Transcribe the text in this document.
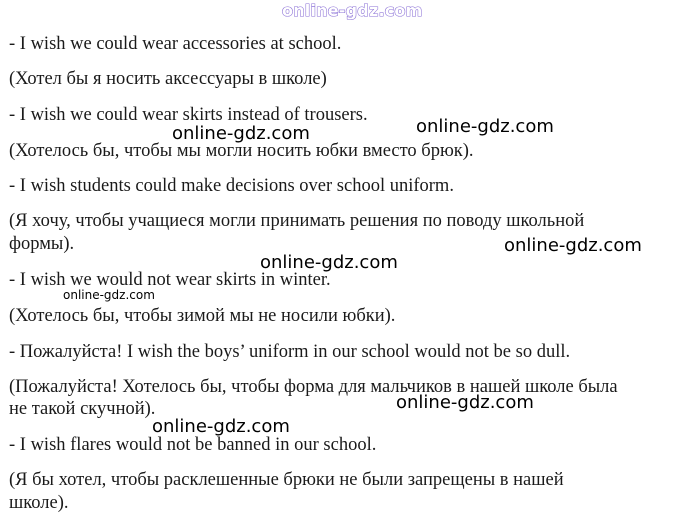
online-gdz.com

- I wish we could wear accessories at school.

(Хотел бы я носить аксессуары в школе)

- I wish we could wear skirts instead of trousers.

(Хотелось бы, чтобы мы могли носить юбки вместо брюк).

- I wish students could make decisions over school uniform.

(Я хочу, чтобы учащиеся могли принимать решения по поводу школьной

формы).

- I wish we would not wear skirts in winter.

(Хотелось бы, чтобы зимой мы не носили юбки).

- Пожалуйста! I wish the boys’ uniform in our school would not be so dull.

(Пожалуйста! Хотелось бы, чтобы форма для мальчиков в нашей школе была

не такой скучной).

- I wish flares would not be banned in our school.

(Я бы хотел, чтобы расклешенные брюки не были запрещены в нашей

школе).

online-gdz.com	online-gdz.com

online-gdz.com

online-gdz.com

online-gdz.com

online-gdz.com

online-gdz.com
